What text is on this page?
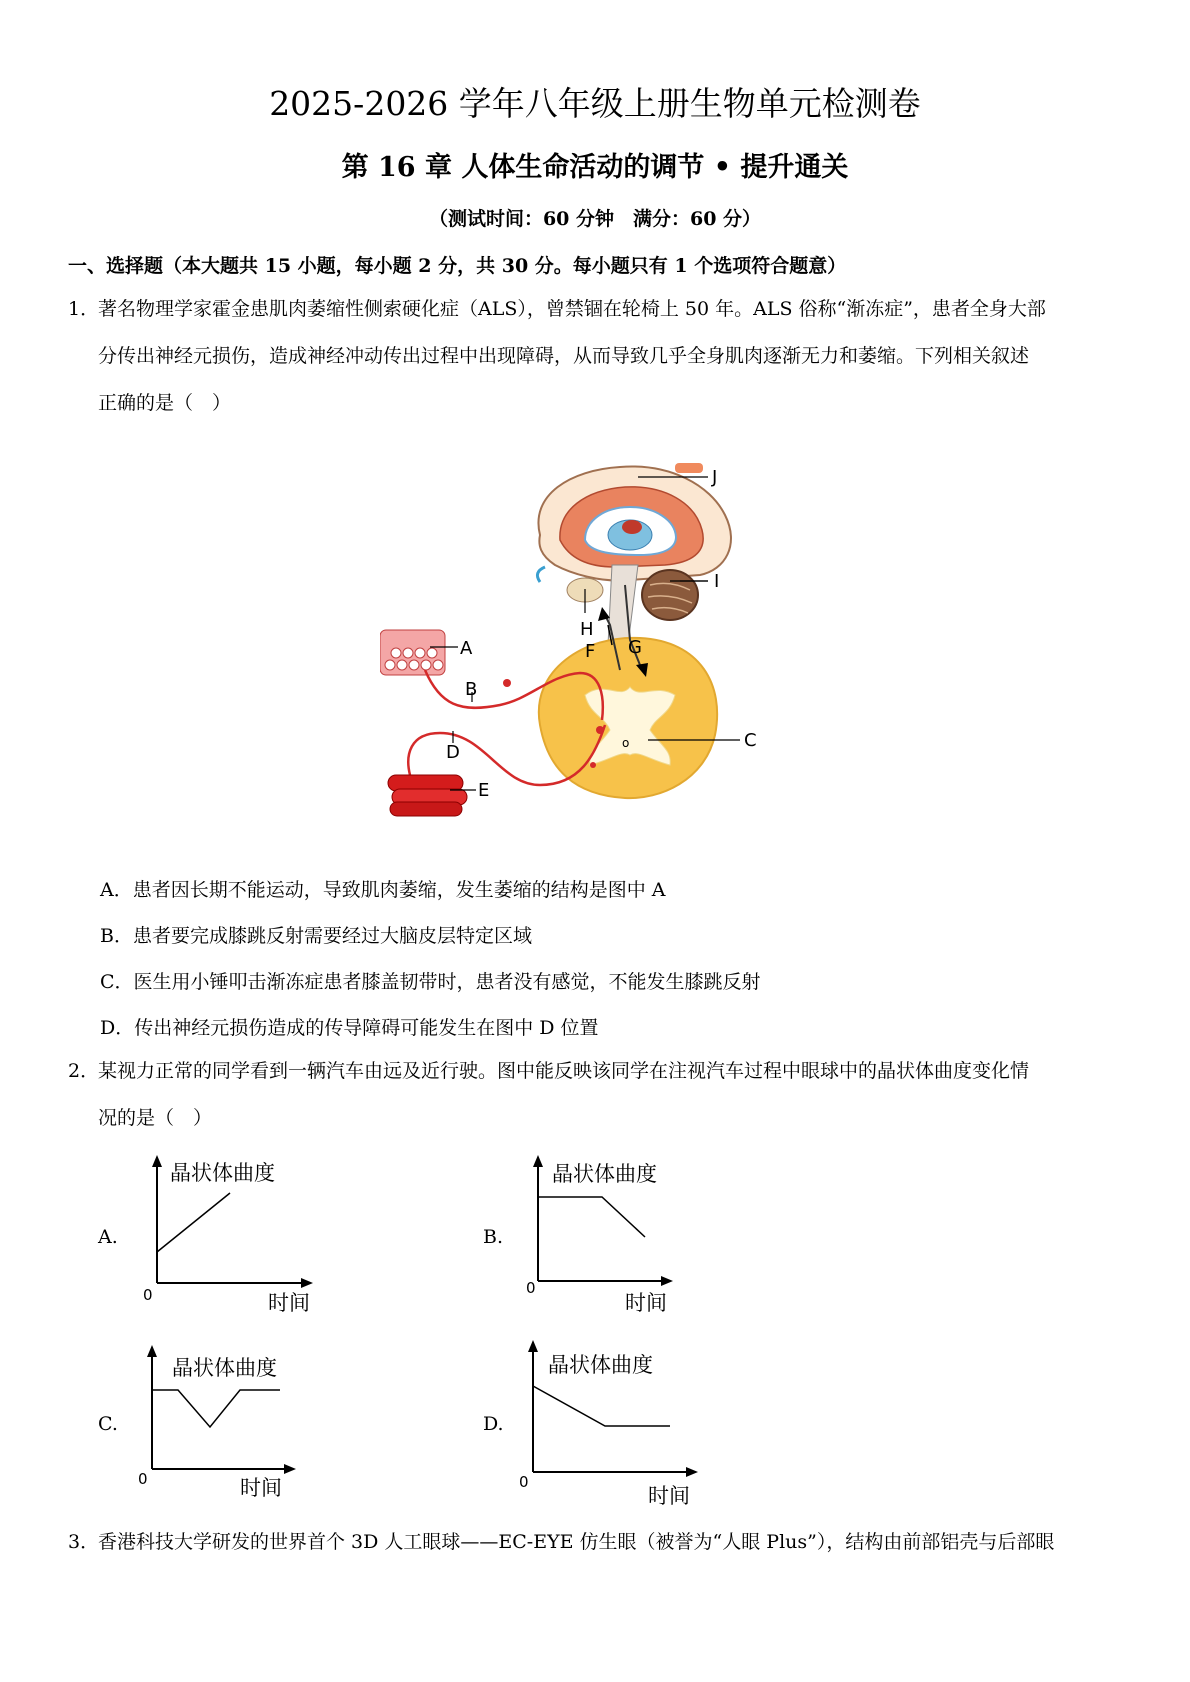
2025-2026 学年八年级上册生物单元检测卷
第 16 章 人体生命活动的调节 • 提升通关
（测试时间：60 分钟　满分：60 分）
一、选择题（本大题共 15 小题，每小题 2 分，共 30 分。每小题只有 1 个选项符合题意）
1．
著名物理学家霍金患肌肉萎缩性侧索硬化症（ALS），曾禁锢在轮椅上 50 年。ALS 俗称“渐冻症”，患者全身大部
分传出神经元损伤，造成神经冲动传出过程中出现障碍，从而导致几乎全身肌肉逐渐无力和萎缩。下列相关叙述
正确的是（　）
J
I
H
o	C
F G
A
B
D
E
A．患者因长期不能运动，导致肌肉萎缩，发生萎缩的结构是图中 A
B．患者要完成膝跳反射需要经过大脑皮层特定区域
C．医生用小锤叩击渐冻症患者膝盖韧带时，患者没有感觉，不能发生膝跳反射
D．传出神经元损伤造成的传导障碍可能发生在图中 D 位置
2．
某视力正常的同学看到一辆汽车由远及近行驶。图中能反映该同学在注视汽车过程中眼球中的晶状体曲度变化情
况的是（　）
A.
晶状体曲度
0	时间
B.
晶状体曲度
0
时间
C.
晶状体曲度
0	时间
D.
晶状体曲度
0
时间
3．
香港科技大学研发的世界首个 3D 人工眼球——EC-EYE 仿生眼（被誉为“人眼 Plus”），结构由前部铝壳与后部眼
